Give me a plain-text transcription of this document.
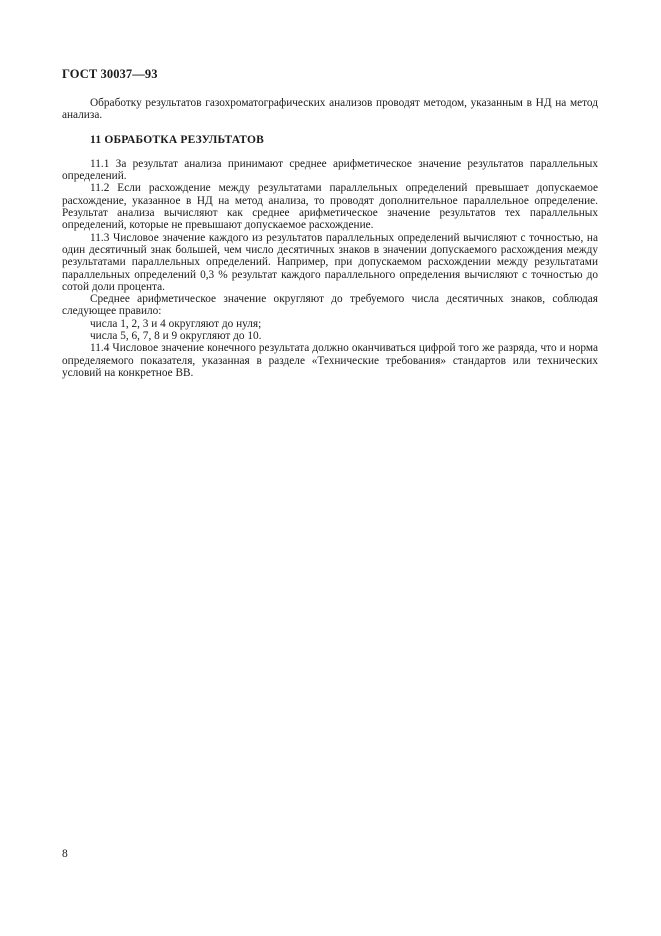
ГОСТ 30037—93

Обработку результатов газохроматографических анализов проводят методом, указанным в НД на метод анализа.

11 ОБРАБОТКА РЕЗУЛЬТАТОВ

11.1 За результат анализа принимают среднее арифметическое значение результатов параллельных определений.

11.2 Если расхождение между результатами параллельных определений превышает допускаемое расхождение, указанное в НД на метод анализа, то проводят дополнительное параллельное определение. Результат анализа вычисляют как среднее арифметическое значение результатов тех параллельных определений, которые не превышают допускаемое расхождение.

11.3 Числовое значение каждого из результатов параллельных определений вычисляют с точностью, на один десятичный знак большей, чем число десятичных знаков в значении допускаемого расхождения между результатами параллельных определений. Например, при допускаемом расхождении между результатами параллельных определений 0,3 % результат каждого параллельного определения вычисляют с точностью до сотой доли процента.

Среднее арифметическое значение округляют до требуемого числа десятичных знаков, соблюдая следующее правило:

числа 1, 2, 3 и 4 округляют до нуля;

числа 5, 6, 7, 8 и 9 округляют до 10.

11.4 Числовое значение конечного результата должно оканчиваться цифрой того же разряда, что и норма определяемого показателя, указанная в разделе «Технические требования» стандартов или технических условий на конкретное ВВ.

8
